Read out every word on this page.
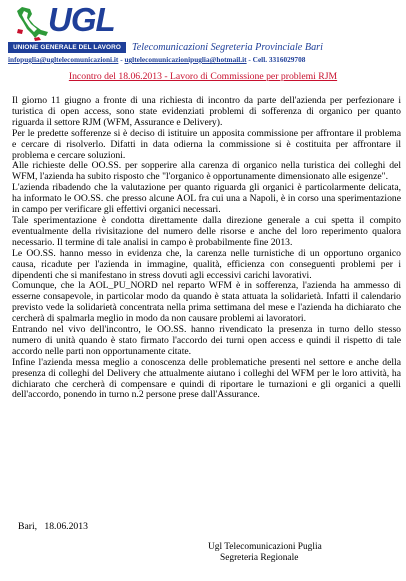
UGL
UNIONE GENERALE DEL LAVORO	Telecomunicazioni Segreteria Provinciale Bari
infopuglia@ugltelecomunicazioni.it - ugltelecomunicazionipuglia@hotmail.it - Cell. 3316029708
Incontro del 18.06.2013 - Lavoro di Commissione per problemi RJM

Il giorno 11 giugno a fronte di una richiesta di incontro da parte dell'azienda per perfezionare i turistica di open access, sono state evidenziati problemi di sofferenza di organico per quanto riguarda il settore RJM (WFM, Assurance e Delivery).

Per le predette sofferenze si è deciso di istituire un apposita commissione per affrontare il problema e cercare di risolverlo. Difatti in data odierna la commissione si è costituita per affrontare il problema e cercare soluzioni.

Alle richieste delle OO.SS. per sopperire alla carenza di organico nella turistica dei colleghi del WFM, l'azienda ha subito risposto che "l'organico è opportunamente dimensionato alle esigenze".

L'azienda ribadendo che la valutazione per quanto riguarda gli organici è particolarmente delicata, ha informato le OO.SS. che presso alcune AOL fra cui una a Napoli, è in corso una sperimentazione in campo per verificare gli effettivi organici necessari.

Tale sperimentazione è condotta direttamente dalla direzione generale a cui spetta il compito eventualmente della rivisitazione del numero delle risorse e anche del loro reperimento qualora necessario. Il termine di tale analisi in campo è probabilmente fine 2013.

Le OO.SS. hanno messo in evidenza che, la carenza nelle turnistiche di un opportuno organico causa, ricadute per l'azienda in immagine, qualità, efficienza con conseguenti problemi per i dipendenti che si manifestano in stress dovuti agli eccessivi carichi lavorativi.

Comunque, che la AOL_PU_NORD nel reparto WFM è in sofferenza, l'azienda ha ammesso di esserne consapevole, in particolar modo da quando è stata attuata la solidarietà. Infatti il calendario previsto vede la solidarietà concentrata nella prima settimana del mese e l'azienda ha dichiarato che cercherà di spalmarla meglio in modo da non causare problemi ai lavoratori.

Entrando nel vivo dell'incontro, le OO.SS. hanno rivendicato la presenza in turno dello stesso numero di unità quando è stato firmato l'accordo dei turni open access e quindi il rispetto di tale accordo nelle parti non opportunamente citate.

Infine l'azienda messa meglio a conoscenza delle problematiche presenti nel settore e anche della presenza di colleghi del Delivery che attualmente aiutano i colleghi del WFM per le loro attività, ha dichiarato che cercherà di compensare e quindi di riportare le turnazioni e gli organici a quelli dell'accordo, ponendo in turno n.2 persone prese dall'Assurance.

Bari,   18.06.2013
Ugl Telecomunicazioni Puglia
Segreteria Regionale
